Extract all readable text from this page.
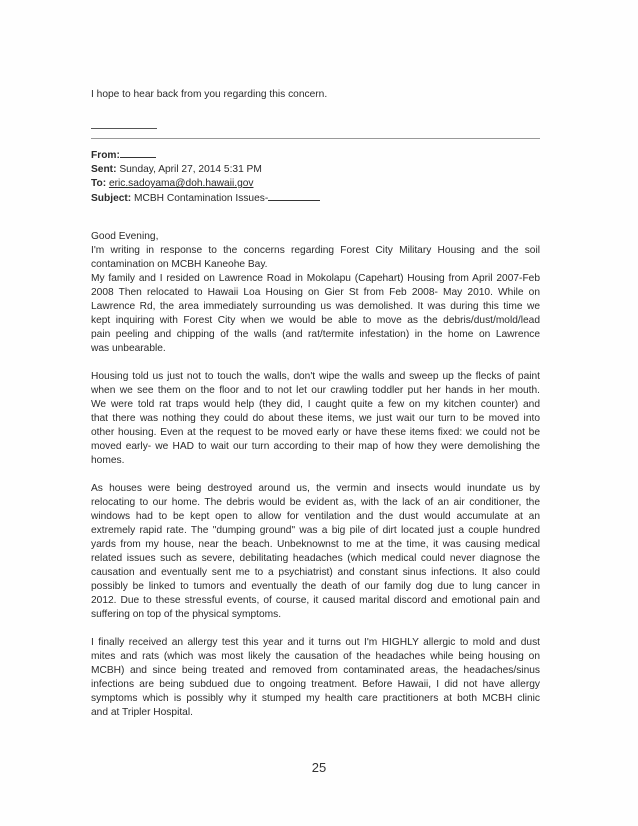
I hope to hear back from you regarding this concern.

From:

Sent: Sunday, April 27, 2014 5:31 PM

To: eric.sadoyama@doh.hawaii.gov

Subject: MCBH Contamination Issues-

Good Evening,

I'm writing in response to the concerns regarding Forest City Military Housing and the soil
contamination on MCBH Kaneohe Bay.
My family and I resided on Lawrence Road in Mokolapu (Capehart) Housing from April 2007-Feb
2008 Then relocated to Hawaii Loa Housing on Gier St from Feb 2008- May 2010. While on
Lawrence Rd, the area immediately surrounding us was demolished. It was during this time we
kept inquiring with Forest City when we would be able to move as the debris/dust/mold/lead
pain peeling and chipping of the walls (and rat/termite infestation) in the home on Lawrence
was unbearable.
Housing told us just not to touch the walls, don't wipe the walls and sweep up the flecks of paint
when we see them on the floor and to not let our crawling toddler put her hands in her mouth.
We were told rat traps would help (they did, I caught quite a few on my kitchen counter) and
that there was nothing they could do about these items, we just wait our turn to be moved into
other housing. Even at the request to be moved early or have these items fixed: we could not be
moved early- we HAD to wait our turn according to their map of how they were demolishing the
homes.
As houses were being destroyed around us, the vermin and insects would inundate us by
relocating to our home. The debris would be evident as, with the lack of an air conditioner, the
windows had to be kept open to allow for ventilation and the dust would accumulate at an
extremely rapid rate. The "dumping ground" was a big pile of dirt located just a couple hundred
yards from my house, near the beach. Unbeknownst to me at the time, it was causing medical
related issues such as severe, debilitating headaches (which medical could never diagnose the
causation and eventually sent me to a psychiatrist) and constant sinus infections. It also could
possibly be linked to tumors and eventually the death of our family dog due to lung cancer in
2012. Due to these stressful events, of course, it caused marital discord and emotional pain and
suffering on top of the physical symptoms.
I finally received an allergy test this year and it turns out I'm HIGHLY allergic to mold and dust
mites and rats (which was most likely the causation of the headaches while being housing on
MCBH) and since being treated and removed from contaminated areas, the headaches/sinus
infections are being subdued due to ongoing treatment. Before Hawaii, I did not have allergy
symptoms which is possibly why it stumped my health care practitioners at both MCBH clinic
and at Tripler Hospital.
25
